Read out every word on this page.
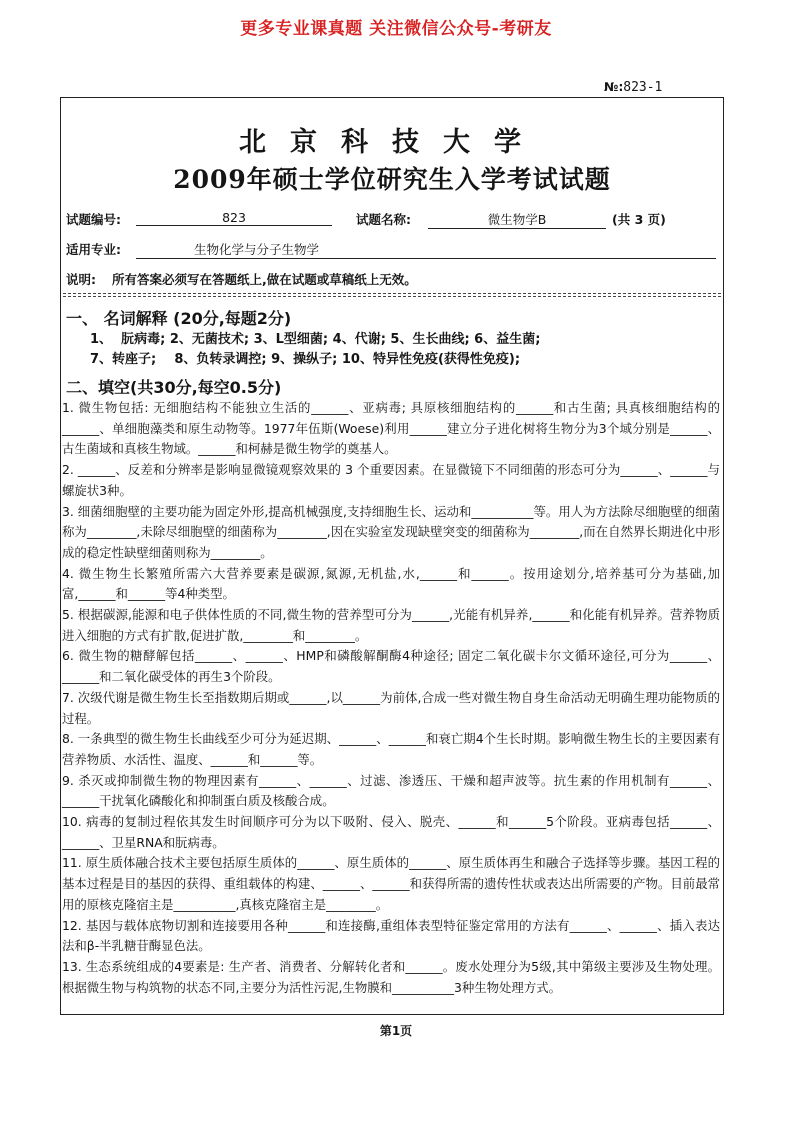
更多专业课真题 关注微信公众号-考研友
№:823-1
北京科技大学
2009年硕士学位研究生入学考试试题
试题编号:	823	试题名称:	微生物学B	(共 3 页)
适用专业:	生物化学与分子生物学
说明: 所有答案必须写在答题纸上,做在试题或草稿纸上无效。
一、 名词解释 (20分,每题2分)
1、  朊病毒; 2、无菌技术; 3、L型细菌; 4、代谢; 5、生长曲线; 6、益生菌;
7、转座子;    8、负转录调控; 9、操纵子; 10、特异性免疫(获得性免疫);
二、填空(共30分,每空0.5分)

1. 微生物包括: 无细胞结构不能独立生活的______、亚病毒; 具原核细胞结构的______和古生菌; 具真核细胞结构的______、单细胞藻类和原生动物等。1977年伍斯(Woese)利用______建立分子进化树将生物分为3个域分别是______、古生菌域和真核生物域。______和柯赫是微生物学的奠基人。

2. ______、反差和分辨率是影响显微镜观察效果的 3 个重要因素。在显微镜下不同细菌的形态可分为______、______与螺旋状3种。

3. 细菌细胞壁的主要功能为固定外形,提高机械强度,支持细胞生长、运动和__________等。用人为方法除尽细胞壁的细菌称为________,未除尽细胞壁的细菌称为________,因在实验室发现缺壁突变的细菌称为________,而在自然界长期进化中形成的稳定性缺壁细菌则称为________。

4. 微生物生长繁殖所需六大营养要素是碳源,氮源,无机盐,水,______和______。按用途划分,培养基可分为基础,加富,______和______等4种类型。

5. 根据碳源,能源和电子供体性质的不同,微生物的营养型可分为______,光能有机异养,______和化能有机异养。营养物质进入细胞的方式有扩散,促进扩散,________和________。

6. 微生物的糖酵解包括______、______、HMP和磷酸解酮酶4种途径; 固定二氧化碳卡尔文循环途径,可分为______、______和二氧化碳受体的再生3个阶段。

7. 次级代谢是微生物生长至指数期后期或______,以______为前体,合成一些对微生物自身生命活动无明确生理功能物质的过程。

8. 一条典型的微生物生长曲线至少可分为延迟期、______、______和衰亡期4个生长时期。影响微生物生长的主要因素有营养物质、水活性、温度、______和______等。

9. 杀灭或抑制微生物的物理因素有______、______、过滤、渗透压、干燥和超声波等。抗生素的作用机制有______、______干扰氧化磷酸化和抑制蛋白质及核酸合成。

10. 病毒的复制过程依其发生时间顺序可分为以下吸附、侵入、脱壳、______和______5个阶段。亚病毒包括______、______、卫星RNA和朊病毒。

11. 原生质体融合技术主要包括原生质体的______、原生质体的______、原生质体再生和融合子选择等步骤。基因工程的基本过程是目的基因的获得、重组载体的构建、______、______和获得所需的遗传性状或表达出所需要的产物。目前最常用的原核克隆宿主是__________,真核克隆宿主是________。

12. 基因与载体底物切割和连接要用各种______和连接酶,重组体表型特征鉴定常用的方法有______、______、插入表达法和β-半乳糖苷酶显色法。

13. 生态系统组成的4要素是: 生产者、消费者、分解转化者和______。废水处理分为5级,其中第级主要涉及生物处理。根据微生物与构筑物的状态不同,主要分为活性污泥,生物膜和__________3种生物处理方式。

第1页
